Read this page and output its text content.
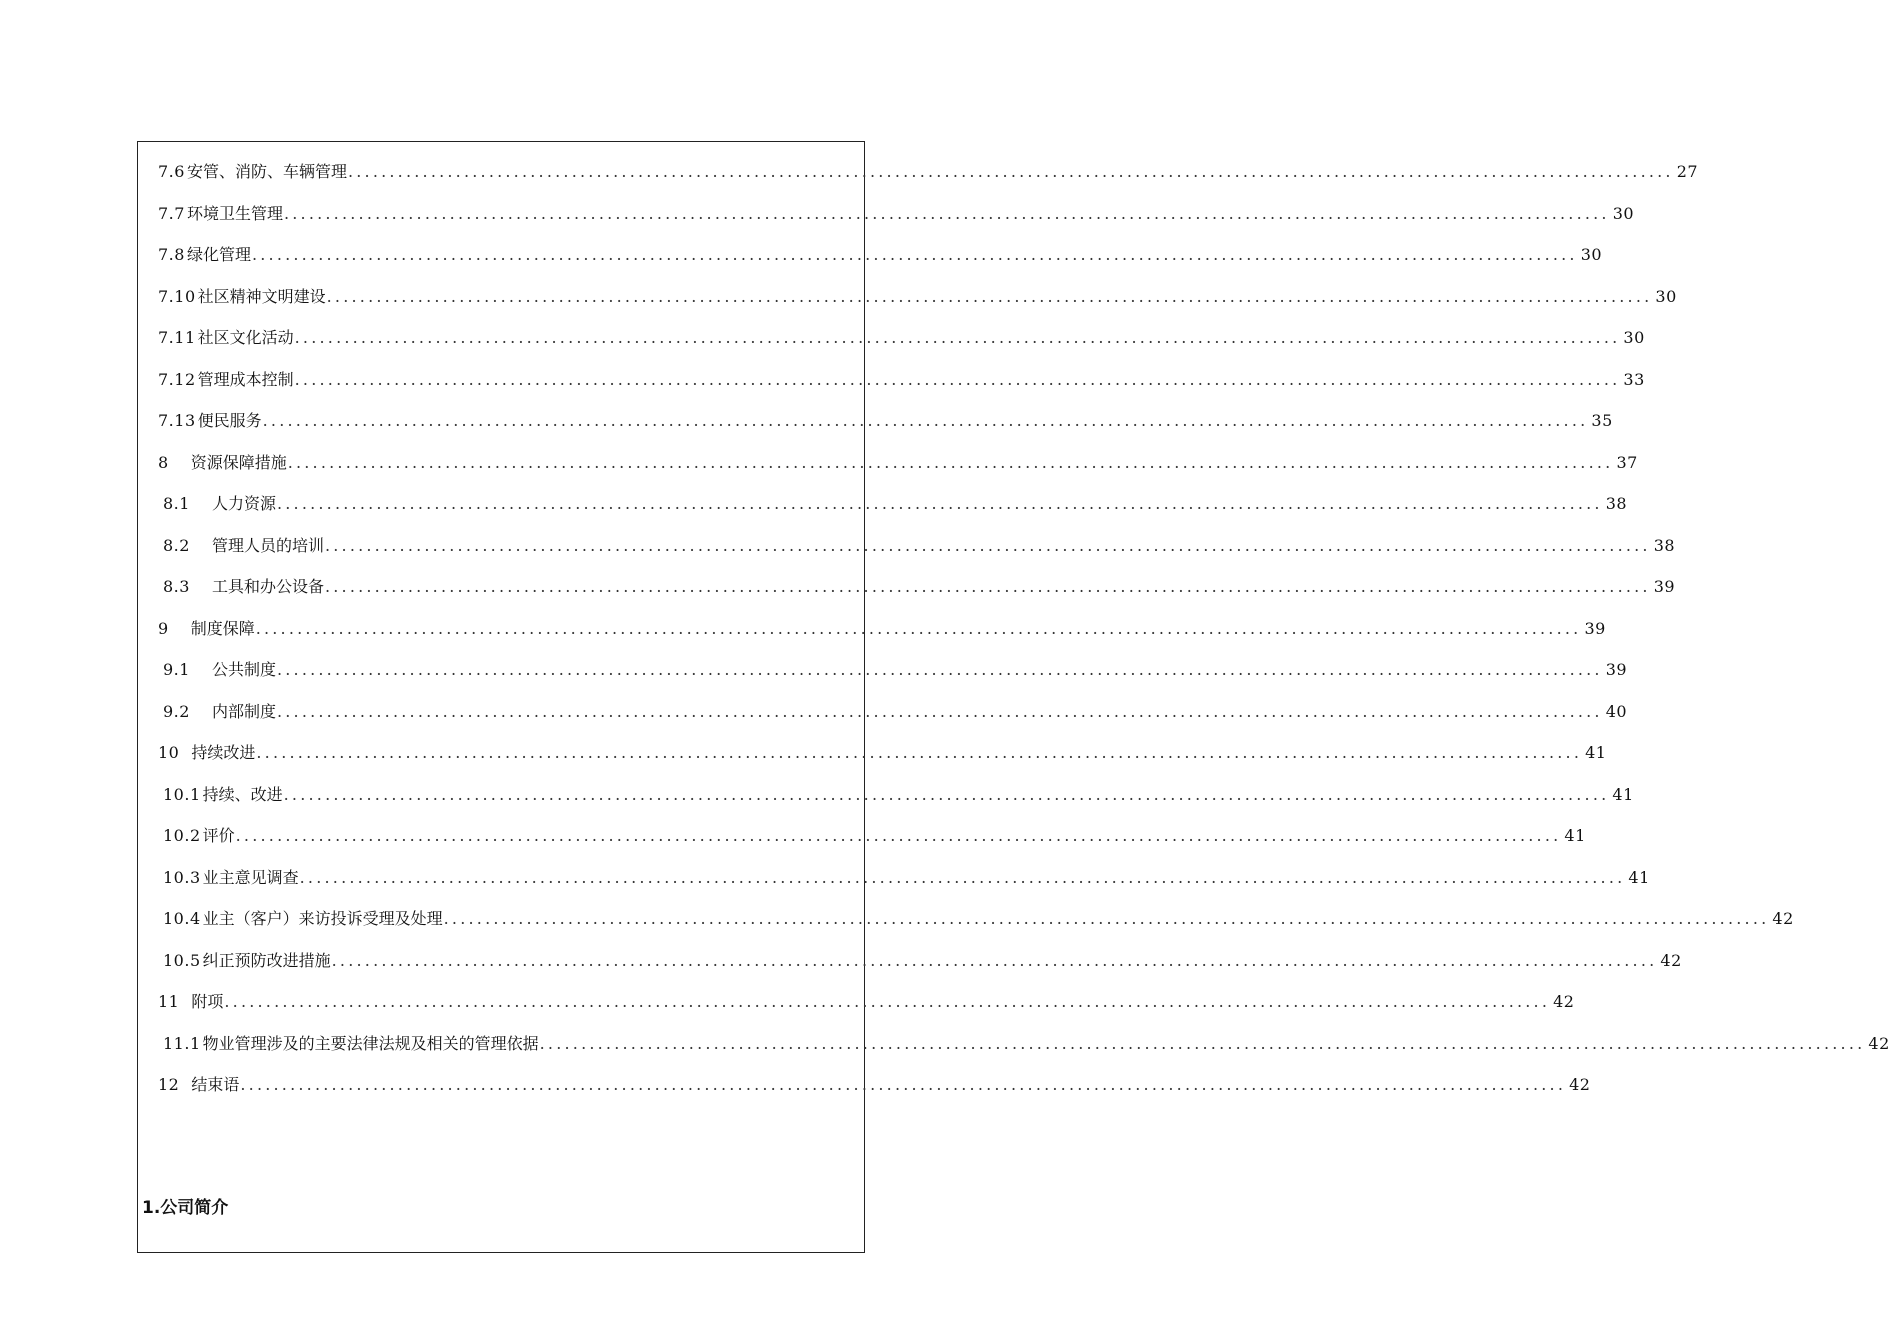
7.6 安管、消防、车辆管理 ................................................................................................................................................................ 27
7.7 环境卫生管理 ................................................................................................................................................................ 30
7.8 绿化管理 ................................................................................................................................................................ 30
7.10 社区精神文明建设 ................................................................................................................................................................ 30
7.11 社区文化活动 ................................................................................................................................................................ 30
7.12 管理成本控制 ................................................................................................................................................................ 33
7.13 便民服务 ................................................................................................................................................................ 35
8 资源保障措施 ................................................................................................................................................................ 37
8.1 人力资源 ................................................................................................................................................................ 38
8.2 管理人员的培训 ................................................................................................................................................................ 38
8.3 工具和办公设备 ................................................................................................................................................................ 39
9 制度保障 ................................................................................................................................................................ 39
9.1 公共制度 ................................................................................................................................................................ 39
9.2 内部制度 ................................................................................................................................................................ 40
10 持续改进 ................................................................................................................................................................ 41
10.1 持续、改进 ................................................................................................................................................................ 41
10.2 评价 ................................................................................................................................................................ 41
10.3 业主意见调查 ................................................................................................................................................................ 41
10.4 业主（客户）来访投诉受理及处理 ................................................................................................................................................................ 42
10.5 纠正预防改进措施 ................................................................................................................................................................ 42
11 附项 ................................................................................................................................................................ 42
11.1 物业管理涉及的主要法律法规及相关的管理依据 ................................................................................................................................................................ 42
12 结束语 ................................................................................................................................................................ 42
1.公司简介
